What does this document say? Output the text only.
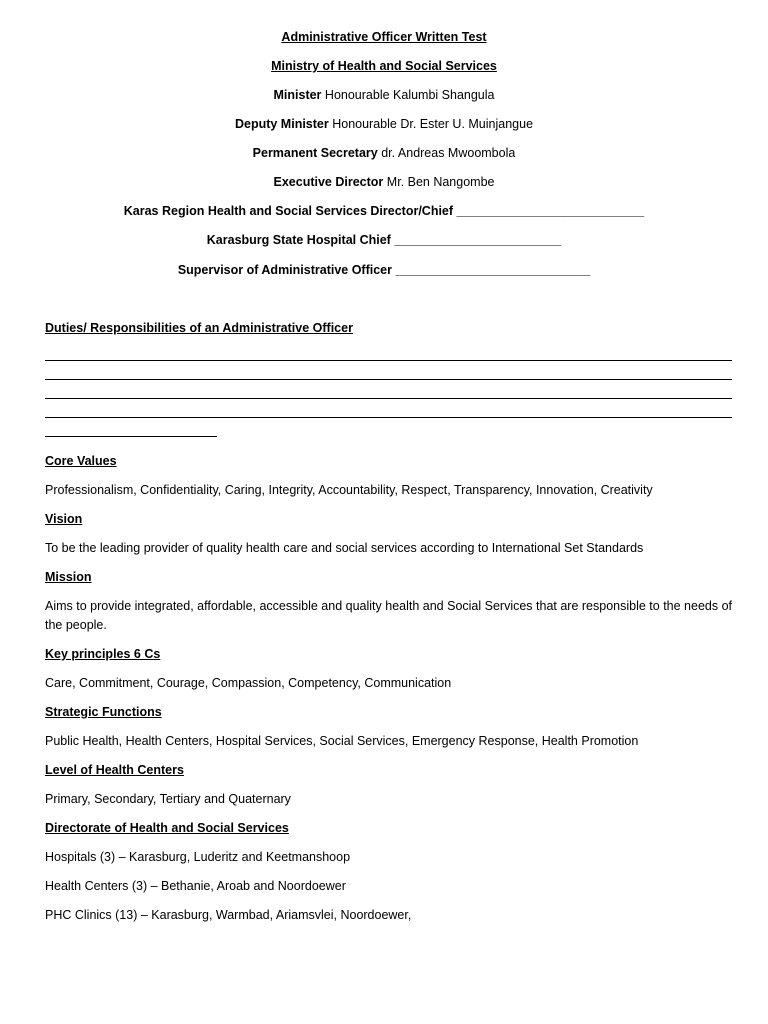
Administrative Officer Written Test
Ministry of Health and Social Services
Minister Honourable Kalumbi Shangula
Deputy Minister Honourable Dr. Ester U. Muinjangue
Permanent Secretary dr. Andreas Mwoombola
Executive Director Mr. Ben Nangombe
Karas Region Health and Social Services Director/Chief ___________________________
Karasburg State Hospital Chief ________________________
Supervisor of Administrative Officer ____________________________
Duties/ Responsibilities of an Administrative Officer
Core Values
Professionalism, Confidentiality, Caring, Integrity, Accountability, Respect, Transparency, Innovation, Creativity
Vision
To be the leading provider of quality health care and social services according to International Set Standards
Mission
Aims to provide integrated, affordable, accessible and quality health and Social Services that are responsible to the needs of the people.
Key principles 6 Cs
Care, Commitment, Courage, Compassion, Competency, Communication
Strategic Functions
Public Health, Health Centers, Hospital Services, Social Services, Emergency Response, Health Promotion
Level of Health Centers
Primary, Secondary, Tertiary and Quaternary
Directorate of Health and Social Services
Hospitals (3) – Karasburg, Luderitz and Keetmanshoop
Health Centers (3) – Bethanie, Aroab and Noordoewer
PHC Clinics (13) – Karasburg, Warmbad, Ariamsvlei, Noordoewer,
